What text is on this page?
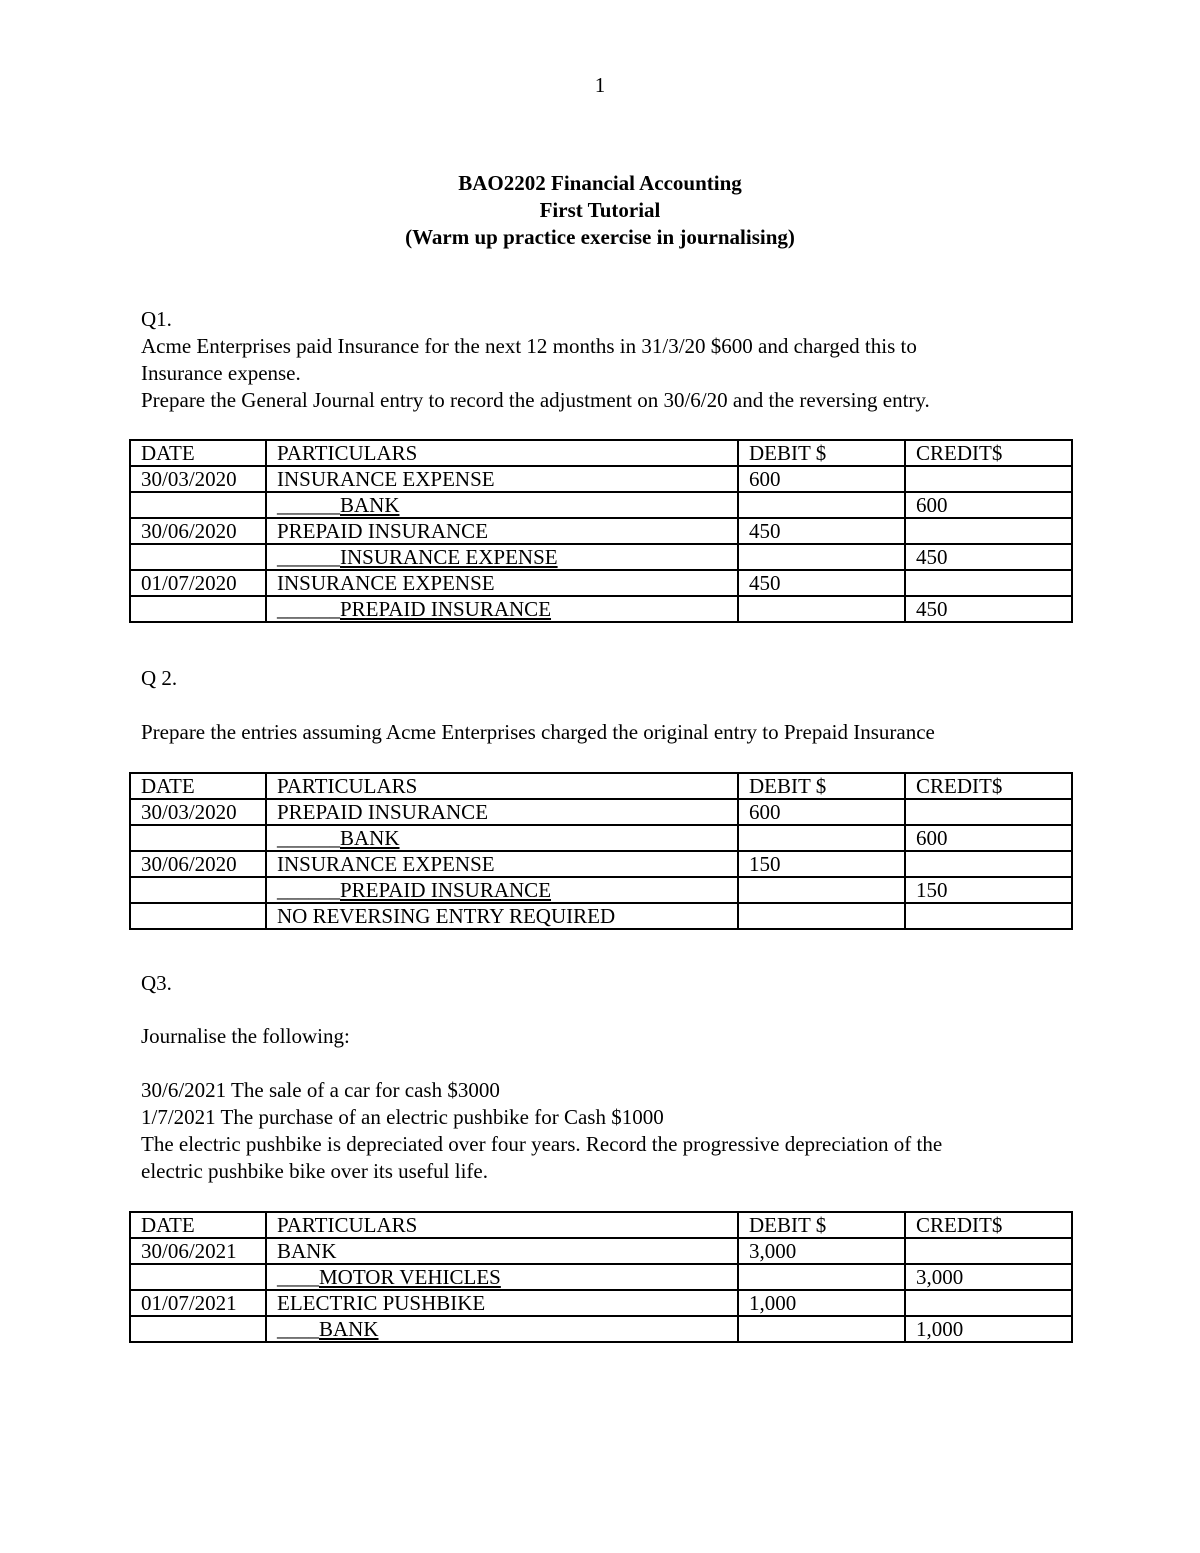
1
BAO2202 Financial Accounting
First Tutorial
(Warm up practice exercise in journalising)
Q1.
Acme Enterprises paid Insurance for the next 12 months in 31/3/20 $600 and charged this to
Insurance expense.
Prepare the General Journal entry to record the adjustment on 30/6/20 and the reversing entry.
DATE	PARTICULARS	DEBIT $	CREDIT$
30/03/2020	INSURANCE EXPENSE	600	
	______BANK		600
30/06/2020	PREPAID INSURANCE	450	
	______INSURANCE EXPENSE		450
01/07/2020	INSURANCE EXPENSE	450	
	______PREPAID INSURANCE		450
Q 2.
Prepare the entries assuming Acme Enterprises charged the original entry to Prepaid Insurance
DATE	PARTICULARS	DEBIT $	CREDIT$
30/03/2020	PREPAID INSURANCE	600	
	______BANK		600
30/06/2020	INSURANCE EXPENSE	150	
	______PREPAID INSURANCE		150
	NO REVERSING ENTRY REQUIRED		
Q3.
Journalise the following:
30/6/2021 The sale of a car for cash $3000
1/7/2021 The purchase of an electric pushbike for Cash $1000
The electric pushbike is depreciated over four years. Record the progressive depreciation of the
electric pushbike bike over its useful life.
DATE	PARTICULARS	DEBIT $	CREDIT$
30/06/2021	BANK	3,000	
	____MOTOR VEHICLES		3,000
01/07/2021	ELECTRIC PUSHBIKE	1,000	
	____BANK		1,000
